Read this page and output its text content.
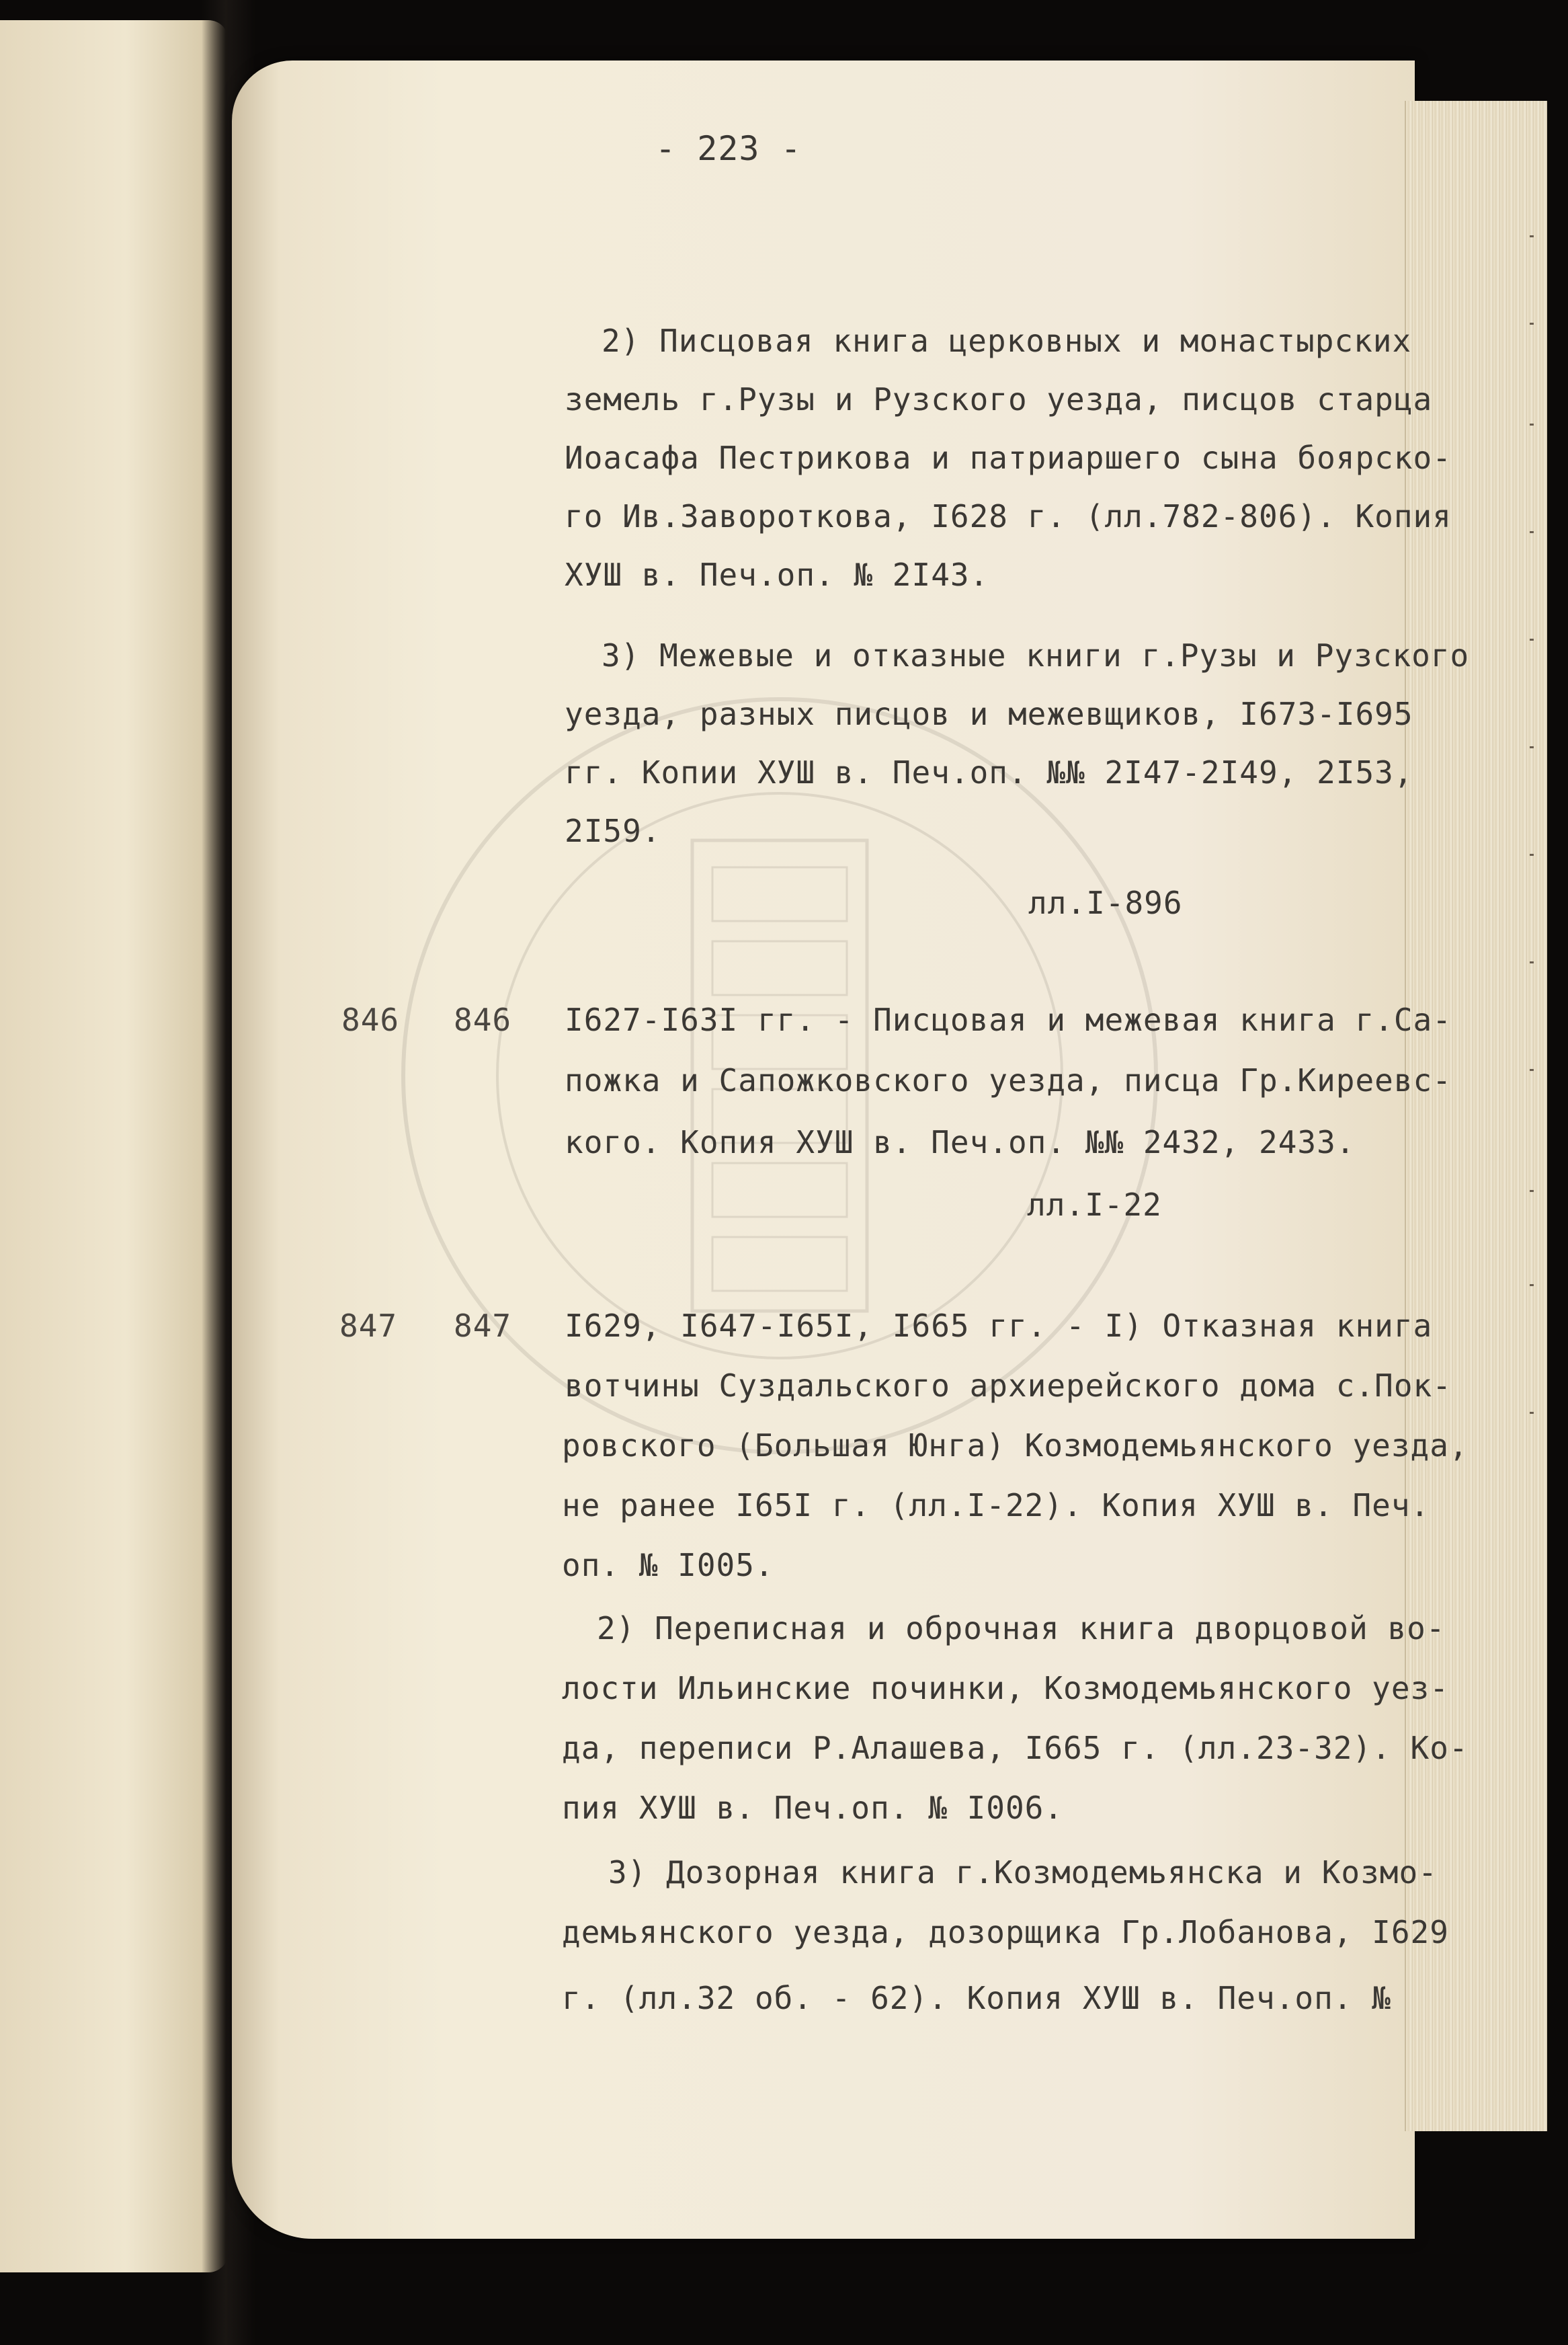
- 223 -
2) Писцовая книга церковных и монастырских
земель г.Рузы и Рузского уезда, писцов старца
Иоасафа Пестрикова и патриаршего сына боярско-
го Ив.Завороткова, I628 г. (лл.782-806). Копия
ХУШ в. Печ.оп. № 2I43.
3) Межевые и отказные книги г.Рузы и Рузского
уезда, разных писцов и межевщиков, I673-I695
гг. Копии ХУШ в. Печ.оп. №№ 2I47-2I49, 2I53,
2I59.
лл.I-896
846 846 I627-I63I гг. - Писцовая и межевая книга г.Са-
пожка и Сапожковского уезда, писца Гр.Киреевс-
кого. Копия ХУШ в. Печ.оп. №№ 2432, 2433.
лл.I-22
847 847 I629, I647-I65I, I665 гг. - I) Отказная книга
вотчины Суздальского архиерейского дома с.Пок-
ровского (Большая Юнга) Козмодемьянского уезда,
не ранее I65I г. (лл.I-22). Копия ХУШ в. Печ.
оп. № I005.
2) Переписная и оброчная книга дворцовой во-
лости Ильинские починки, Козмодемьянского уез-
да, переписи Р.Алашева, I665 г. (лл.23-32). Ко-
пия ХУШ в. Печ.оп. № I006.
3) Дозорная книга г.Козмодемьянска и Козмо-
демьянского уезда, дозорщика Гр.Лобанова, I629
г. (лл.32 об. - 62). Копия ХУШ в. Печ.оп. №
